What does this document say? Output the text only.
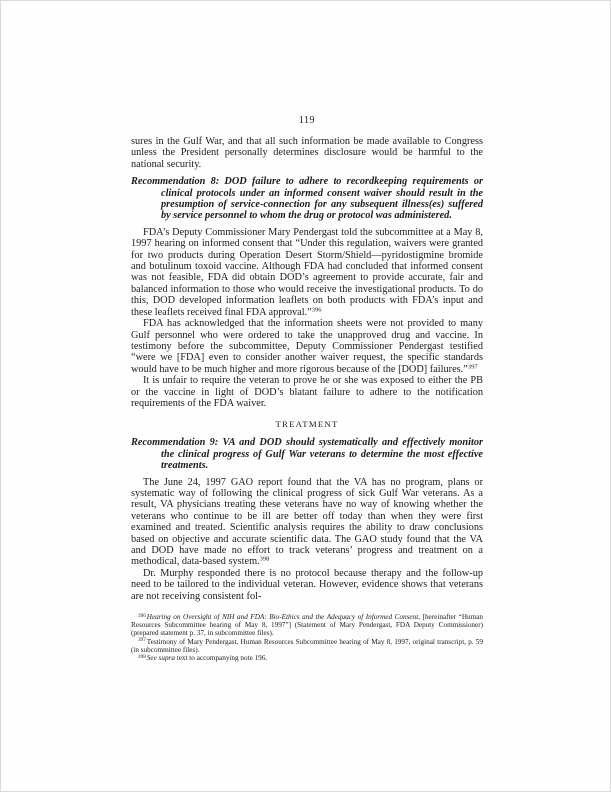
119

sures in the Gulf War, and that all such information be made available to Congress unless the President personally determines disclosure would be harmful to the national security.

Recommendation 8: DOD failure to adhere to recordkeeping requirements or clinical protocols under an informed consent waiver should result in the presumption of service-connection for any subsequent illness(es) suffered by service personnel to whom the drug or protocol was administered.

FDA’s Deputy Commissioner Mary Pendergast told the subcommittee at a May 8, 1997 hearing on informed consent that “Under this regulation, waivers were granted for two products during Operation Desert Storm/Shield—pyridostigmine bromide and botulinum toxoid vaccine. Although FDA had concluded that informed consent was not feasible, FDA did obtain DOD’s agreement to provide accurate, fair and balanced information to those who would receive the investigational products. To do this, DOD developed information leaflets on both products with FDA’s input and these leaflets received final FDA approval.”$^{396}$

FDA has acknowledged that the information sheets were not provided to many Gulf personnel who were ordered to take the unapproved drug and vaccine. In testimony before the subcommittee, Deputy Commissioner Pendergast testified “were we [FDA] even to consider another waiver request, the specific standards would have to be much higher and more rigorous because of the [DOD] failures.”$^{397}$

It is unfair to require the veteran to prove he or she was exposed to either the PB or the vaccine in light of DOD’s blatant failure to adhere to the notification requirements of the FDA waiver.

TREATMENT
Recommendation 9: VA and DOD should systematically and effectively monitor the clinical progress of Gulf War veterans to determine the most effective treatments.

The June 24, 1997 GAO report found that the VA has no program, plans or systematic way of following the clinical progress of sick Gulf War veterans. As a result, VA physicians treating these veterans have no way of knowing whether the veterans who continue to be ill are better off today than when they were first examined and treated. Scientific analysis requires the ability to draw conclusions based on objective and accurate scientific data. The GAO study found that the VA and DOD have made no effort to track veterans’ progress and treatment on a methodical, data-based system.$^{398}$

Dr. Murphy responded there is no protocol because therapy and the follow-up need to be tailored to the individual veteran. However, evidence shows that veterans are not receiving consistent fol-

$^{396}$Hearing on Oversight of NIH and FDA: Bio-Ethics and the Adequacy of Informed Consent, [hereinafter “Human Resources Subcommittee hearing of May 8, 1997”] (Statement of Mary Pendergast, FDA Deputy Commissioner) (prepared statement p. 37, in subcommittee files).

$^{397}$Testimony of Mary Pendergast, Human Resources Subcommittee hearing of May 8, 1997, original transcript, p. 59 (in subcommittee files).

$^{398}$See supra text to accompanying note 196.
